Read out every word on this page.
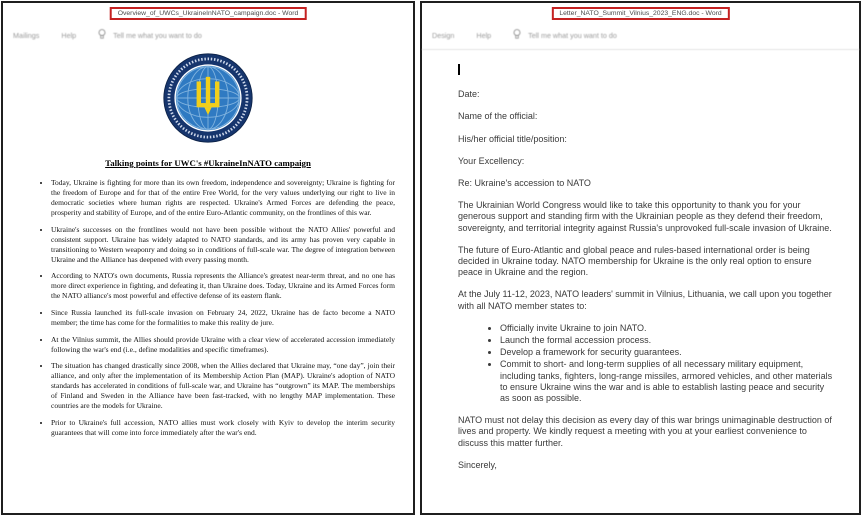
Overview_of_UWCs_UkraineInNATO_campaign.doc - Word
Mailings	Help	Tell me what you want to do
Talking points for UWC's #UkraineInNATO campaign
• Today, Ukraine is fighting for more than its own freedom, independence and sovereignty; Ukraine is fighting for the freedom of Europe and for that of the entire Free World, for the very values underlying our right to live in democratic societies where human rights are respected. Ukraine's Armed Forces are defending the peace, prosperity and stability of Europe, and of the entire Euro-Atlantic community, on the frontlines of this war.
• Ukraine's successes on the frontlines would not have been possible without the NATO Allies' powerful and consistent support. Ukraine has widely adapted to NATO standards, and its army has proven very capable in transitioning to Western weaponry and doing so in conditions of full-scale war. The degree of integration between Ukraine and the Alliance has deepened with every passing month.
• According to NATO's own documents, Russia represents the Alliance's greatest near-term threat, and no one has more direct experience in fighting, and defeating it, than Ukraine does. Today, Ukraine and its Armed Forces form the NATO alliance's most powerful and effective defense of its eastern flank.
• Since Russia launched its full-scale invasion on February 24, 2022, Ukraine has de facto become a NATO member; the time has come for the formalities to make this reality de jure.
• At the Vilnius summit, the Allies should provide Ukraine with a clear view of accelerated accession immediately following the war's end (i.e., define modalities and specific timeframes).
• The situation has changed drastically since 2008, when the Allies declared that Ukraine may, “one day”, join their alliance, and only after the implementation of its Membership Action Plan (MAP). Ukraine's adoption of NATO standards has accelerated in conditions of full-scale war, and Ukraine has “outgrown” its MAP. The memberships of Finland and Sweden in the Alliance have been fast-tracked, with no lengthy MAP implementation. These countries are the models for Ukraine.
• Prior to Ukraine's full accession, NATO allies must work closely with Kyiv to develop the interim security guarantees that will come into force immediately after the war's end.
Letter_NATO_Summit_Vilnius_2023_ENG.doc - Word
Design	Help	Tell me what you want to do

Date:

Name of the official:

His/her official title/position:

Your Excellency:

Re: Ukraine's accession to NATO

The Ukrainian World Congress would like to take this opportunity to thank you for your generous support and standing firm with the Ukrainian people as they defend their freedom, sovereignty, and territorial integrity against Russia's unprovoked full-scale invasion of Ukraine.

The future of Euro-Atlantic and global peace and rules-based international order is being decided in Ukraine today. NATO membership for Ukraine is the only real option to ensure peace in Ukraine and the region.

At the July 11-12, 2023, NATO leaders' summit in Vilnius, Lithuania, we call upon you together with all NATO member states to:

• Officially invite Ukraine to join NATO.
• Launch the formal accession process.
• Develop a framework for security guarantees.
• Commit to short- and long-term supplies of all necessary military equipment, including tanks, fighters, long-range missiles, armored vehicles, and other materials to ensure Ukraine wins the war and is able to establish lasting peace and security as soon as possible.

NATO must not delay this decision as every day of this war brings unimaginable destruction of lives and property. We kindly request a meeting with you at your earliest convenience to discuss this matter further.

Sincerely,
